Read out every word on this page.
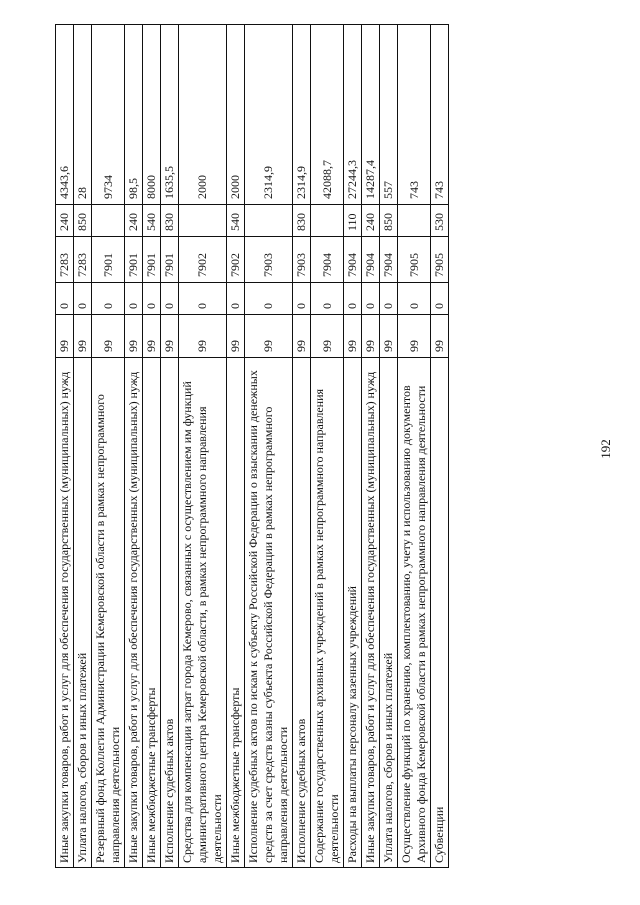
192
Иные закупки товаров, работ и услуг для обеспечения государственных (муниципальных) нужд	99	0	7283	240	4343,6
Уплата налогов, сборов и иных платежей	99	0	7283	850	28
Резервный фонд Коллегии Администрации Кемеровской области в рамках непрограммного направления деятельности	99	0	7901		9734
Иные закупки товаров, работ и услуг для обеспечения государственных (муниципальных) нужд	99	0	7901	240	98,5
Иные межбюджетные трансферты	99	0	7901	540	8000
Исполнение судебных актов	99	0	7901	830	1635,5
Средства для компенсации затрат города Кемерово, связанных с осуществлением им функций административного центра Кемеровской области, в рамках непрограммного направления деятельности	99	0	7902		2000
Иные межбюджетные трансферты	99	0	7902	540	2000
Исполнение судебных актов по искам к субъекту Российской Федерации о взыскании денежных средств за счет средств казны субъекта Российской Федерации в рамках непрограммного направления деятельности	99	0	7903		2314,9
Исполнение судебных актов	99	0	7903	830	2314,9
Содержание государственных архивных учреждений в рамках непрограммного направления деятельности	99	0	7904		42088,7
Расходы на выплаты персоналу казенных учреждений	99	0	7904	110	27244,3
Иные закупки товаров, работ и услуг для обеспечения государственных (муниципальных) нужд	99	0	7904	240	14287,4
Уплата налогов, сборов и иных платежей	99	0	7904	850	557
Осуществление функций по хранению, комплектованию, учету и использованию документов Архивного фонда Кемеровской области в рамках непрограммного направления деятельности	99	0	7905		743
Субвенции	99	0	7905	530	743
